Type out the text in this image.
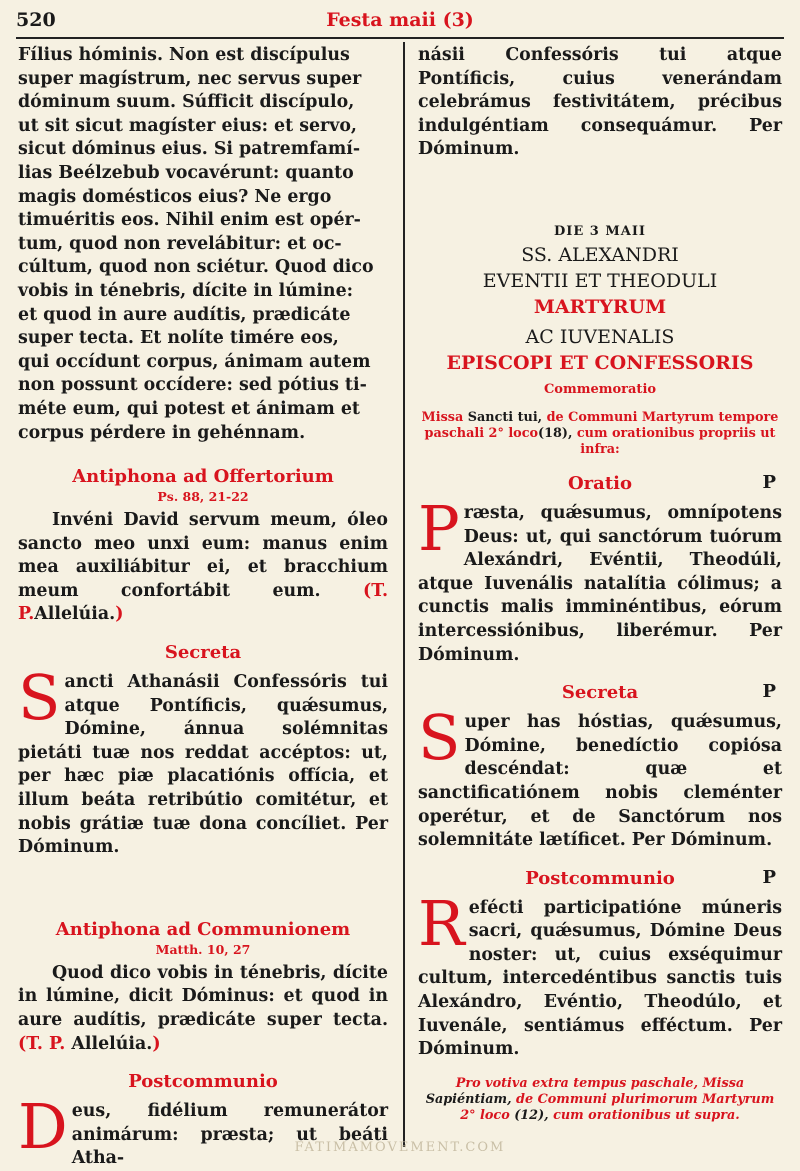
520	Festa maii (3)
Fílius hóminis. Non est discípulus
super magístrum, nec servus super
dóminum suum. Súfficit discípulo,
ut sit sicut magíster eius: et servo,
sicut dóminus eius. Si patremfamí-
lias Beélzebub vocavérunt: quanto
magis domésticos eius? Ne ergo
timuéritis eos. Nihil enim est opér-
tum, quod non revelábitur: et oc-
cúltum, quod non sciétur. Quod dico
vobis in ténebris, dícite in lúmine:
et quod in aure audítis, prædicáte
super tecta. Et nolíte timére eos,
qui occídunt corpus, ánimam autem
non possunt occídere: sed pótius ti-
méte eum, qui potest et ánimam et
corpus pérdere in gehénnam.
Antiphona ad Offertorium
Ps. 88, 21-22

Invéni David servum meum, óleo sancto meo unxi eum: manus enim mea auxiliábitur ei, et bracchium meum confortábit eum. (T. P.Allelúia.)

Secreta

Sancti Athanásii Confessóris tui atque Pontíficis, quǽsumus, Dómine, ánnua solémnitas pietáti tuæ nos reddat accéptos: ut, per hæc piæ placatiónis offícia, et illum beáta retribútio comitétur, et nobis grátiæ tuæ dona concíliet. Per Dóminum.

Antiphona ad Communionem
Matth. 10, 27

Quod dico vobis in ténebris, dícite in lúmine, dicit Dóminus: et quod in aure audítis, prædicáte super tecta. (T. P. Allelúia.)

Postcommunio

Deus, fidélium remunerátor animárum: præsta; ut beáti Atha-

násii Confessóris tui atque Pontíficis, cuius venerándam celebrámus festivitátem, précibus indulgéntiam consequámur. Per Dóminum.

DIE 3 MAII
SS. ALEXANDRI
EVENTII ET THEODULI
MARTYRUM
AC IUVENALIS
EPISCOPI ET CONFESSORIS
Commemoratio

Missa Sancti tui, de Communi Martyrum tempore paschali 2° loco(18), cum orationibus propriis ut infra:

Oratio	P

Præsta, quǽsumus, omnípotens Deus: ut, qui sanctórum tuórum Alexándri, Evéntii, Theodúli, atque Iuvenális natalítia cólimus; a cunctis malis imminéntibus, eórum intercessiónibus, liberémur. Per Dóminum.

Secreta	P

Super has hóstias, quǽsumus, Dómine, benedíctio copiósa descéndat: quæ et sanctificatiónem nobis cleménter operétur, et de Sanctórum nos solemnitáte lætíficet. Per Dóminum.

Postcommunio	P

Refécti participatióne múneris sacri, quǽsumus, Dómine Deus noster: ut, cuius exséquimur cultum, intercedéntibus sanctis tuis Alexándro, Evéntio, Theodúlo, et Iuvenále, sentiámus efféctum. Per Dóminum.

Pro votiva extra tempus paschale, Missa Sapiéntiam, de Communi plurimorum Martyrum 2° loco (12), cum orationibus ut supra.

FATIMAMOVEMENT.COM
